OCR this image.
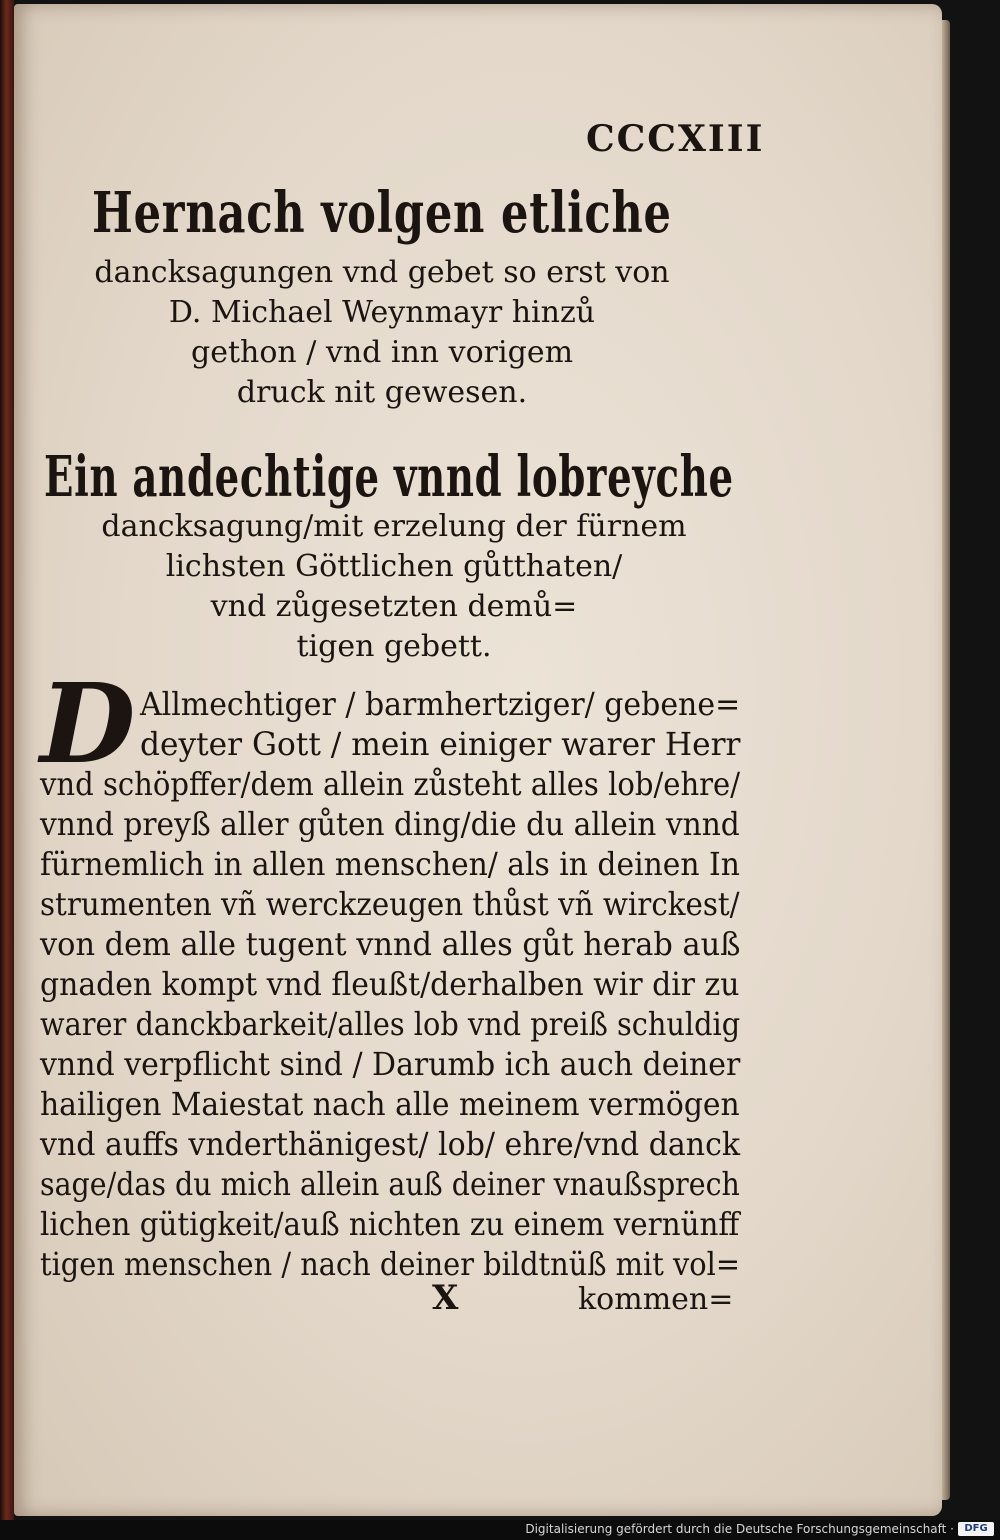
CCCXIII
Hernach volgen etliche
dancksagungen vnd gebet so erst von
D. Michael Weynmayr hinzů
gethon / vnd inn vorigem
druck nit gewesen.
Ein andechtige vnnd lobreyche
dancksagung/mit erzelung der fürnem
lichsten Göttlichen gůtthaten/
vnd zůgesetzten demů=
tigen gebett.
D Allmechtiger / barmhertziger/ gebene=
deyter Gott / mein einiger warer Herr
vnd schöpffer/dem allein zůsteht alles lob/ehre/
vnnd preyß aller gůten ding/die du allein vnnd
fürnemlich in allen menschen/ als in deinen In
strumenten vñ werckzeugen thůst vñ wirckest/
von dem alle tugent vnnd alles gůt herab auß
gnaden kompt vnd fleußt/derhalben wir dir zu
warer danckbarkeit/alles lob vnd preiß schuldig
vnnd verpflicht sind / Darumb ich auch deiner
hailigen Maiestat nach alle meinem vermögen
vnd auffs vnderthänigest/ lob/ ehre/vnd danck
sage/das du mich allein auß deiner vnaußsprech
lichen gütigkeit/auß nichten zu einem vernünff
tigen menschen / nach deiner bildtnüß mit vol=
X	kommen=
Digitalisierung gefördert durch die Deutsche Forschungsgemeinschaft ·	DFG
